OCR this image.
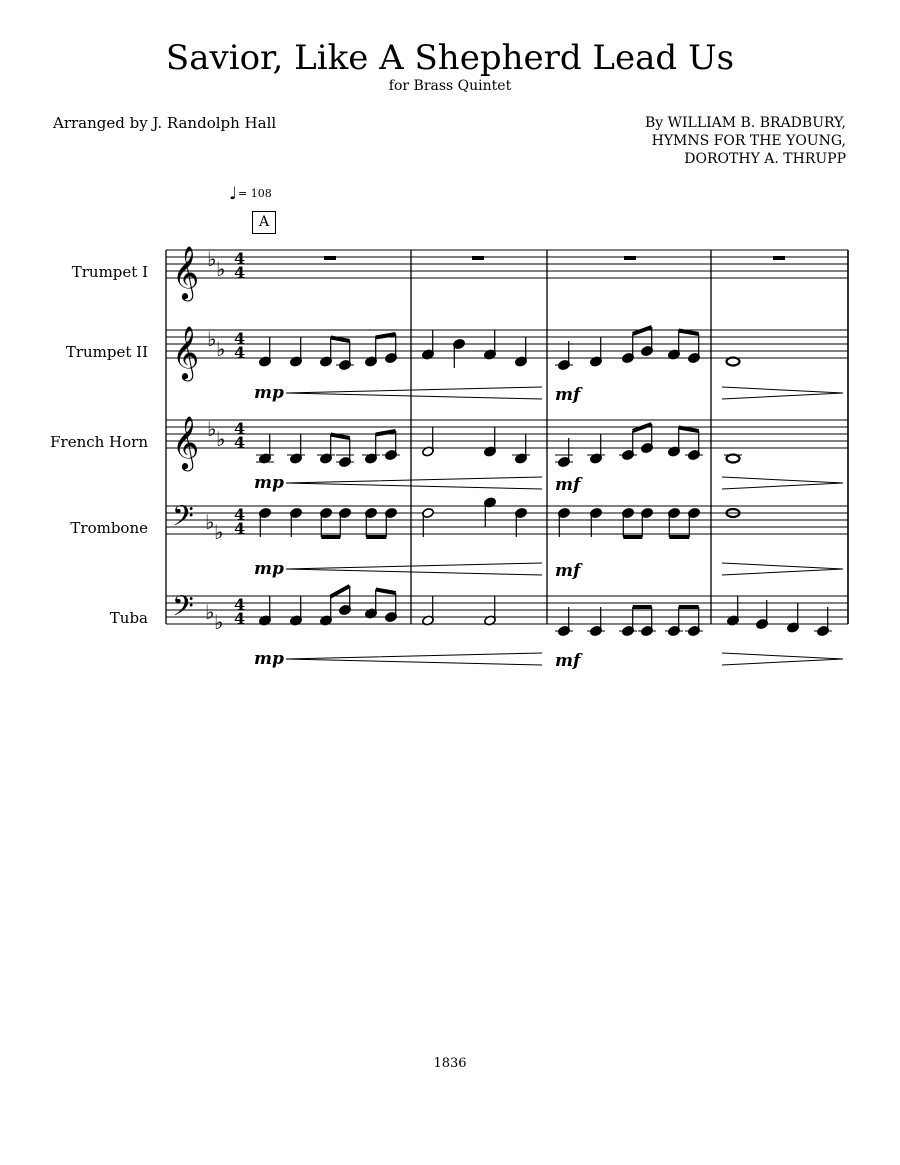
Savior, Like A Shepherd Lead Us
for Brass Quintet
Arranged by J. Randolph Hall	By WILLIAM B. BRADBURY,
HYMNS FOR THE YOUNG,
DOROTHY A. THRUPP
♩= 108
A
Trumpet I
Trumpet II
French Horn
Trombone
Tuba
𝄞 ♭ ♭ 4
4
𝄞 ♭ ♭ 4
4
𝄞 ♭ ♭ 4
4
𝄢 ♭ ♭
4
4
𝄢 ♭ ♭
4
4
mp	mf
mp	mf
mp	mf
mp	mf
1836
